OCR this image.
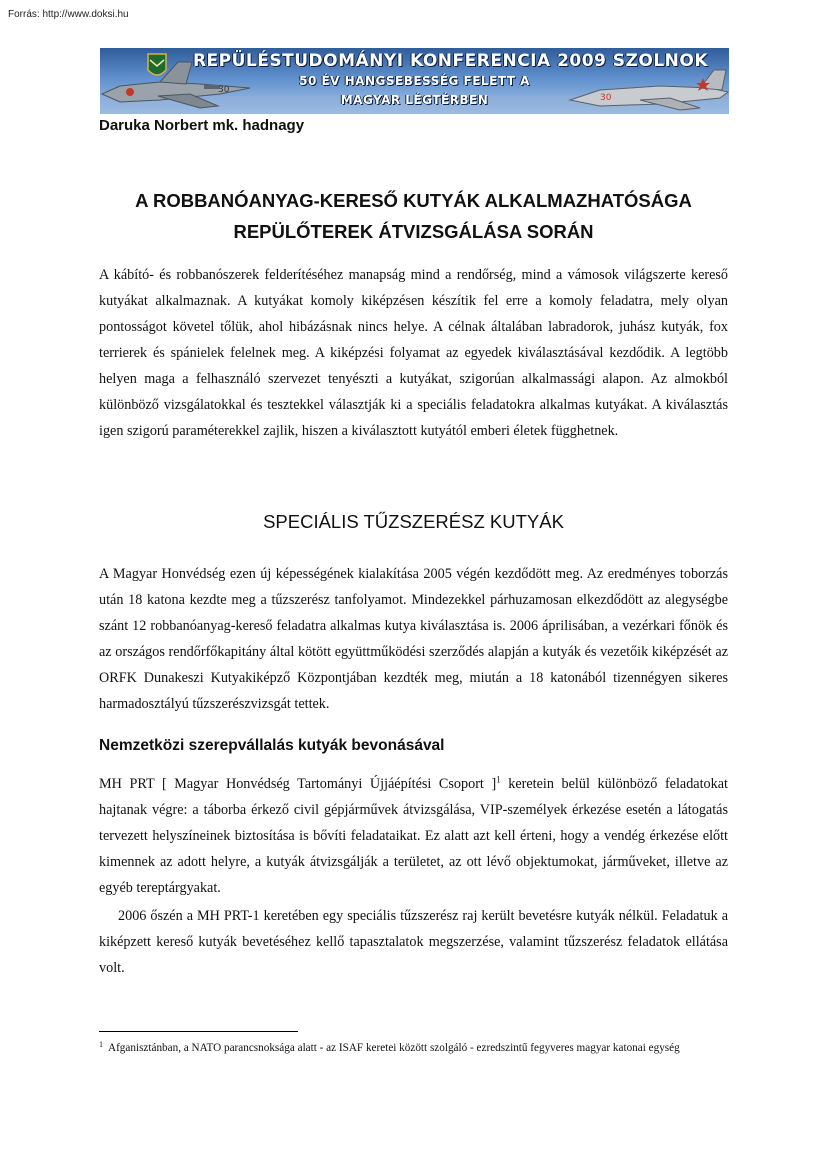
Forrás: http://www.doksi.hu
30
30
REPÜLÉSTUDOMÁNYI KONFERENCIA 2009 SZOLNOK
50 ÉV HANGSEBESSÉG FELETT A
MAGYAR LÉGTÉRBEN
Daruka Norbert mk. hadnagy
A ROBBANÓANYAG-KERESŐ KUTYÁK ALKALMAZHATÓSÁGA
REPÜLŐTEREK ÁTVIZSGÁLÁSA SORÁN
A kábító- és robbanószerek felderítéséhez manapság mind a rendőrség, mind a vámosok világszerte kereső kutyákat alkalmaznak. A kutyákat komoly kiképzésen készítik fel erre a komoly feladatra, mely olyan pontosságot követel tőlük, ahol hibázásnak nincs helye. A célnak általában labradorok, juhász kutyák, fox terrierek és spánielek felelnek meg. A kiképzési folyamat az egyedek kiválasztásával kezdődik. A legtöbb helyen maga a felhasználó szervezet tenyészti a kutyákat, szigorúan alkalmassági alapon. Az almokból különböző vizsgálatokkal és tesztekkel választják ki a speciális feladatokra alkalmas kutyákat. A kiválasztás igen szigorú paraméterekkel zajlik, hiszen a kiválasztott kutyától emberi életek függhetnek.
SPECIÁLIS TŰZSZERÉSZ KUTYÁK
A Magyar Honvédség ezen új képességének kialakítása 2005 végén kezdődött meg. Az eredményes toborzás után 18 katona kezdte meg a tűzszerész tanfolyamot. Mindezekkel párhuzamosan elkezdődött az alegységbe szánt 12 robbanóanyag-kereső feladatra alkalmas kutya kiválasztása is. 2006 áprilisában, a vezérkari főnök és az országos rendőrfőkapitány által kötött együttműködési szerződés alapján a kutyák és vezetőik kiképzését az ORFK Dunakeszi Kutyakiképző Központjában kezdték meg, miután a 18 katonából tizennégyen sikeres harmadosztályú tűzszerészvizsgát tettek.
Nemzetközi szerepvállalás kutyák bevonásával
MH PRT [ Magyar Honvédség Tartományi Újjáépítési Csoport ]$^1$ keretein belül különböző feladatokat hajtanak végre: a táborba érkező civil gépjárművek átvizsgálása, VIP-személyek érkezése esetén a látogatás tervezett helyszíneinek biztosítása is bővíti feladataikat. Ez alatt azt kell érteni, hogy a vendég érkezése előtt kimennek az adott helyre, a kutyák átvizsgálják a területet, az ott lévő objektumokat, járműveket, illetve az egyéb tereptárgyakat.
2006 őszén a MH PRT-1 keretében egy speciális tűzszerész raj került bevetésre kutyák nélkül. Feladatuk a kiképzett kereső kutyák bevetéséhez kellő tapasztalatok megszerzése, valamint tűzszerész feladatok ellátása volt.
1 Afganisztánban, a NATO parancsnoksága alatt - az ISAF keretei között szolgáló - ezredszintű fegyveres magyar katonai egység
